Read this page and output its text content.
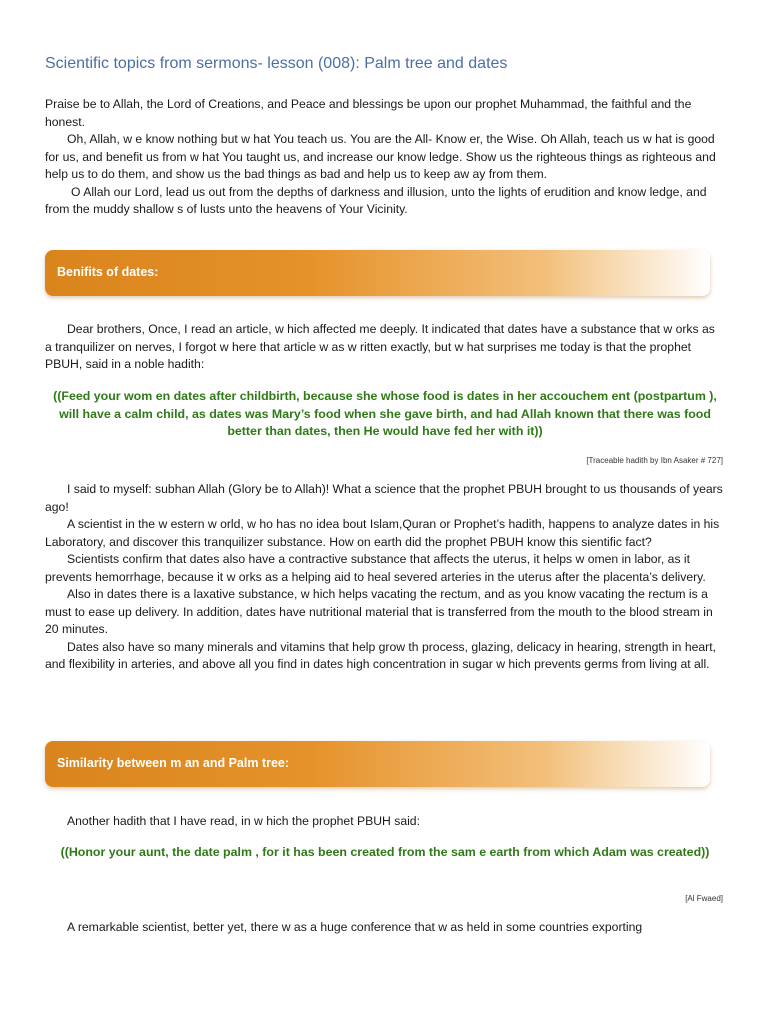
Scientific topics from sermons- lesson (008): Palm tree and dates

Praise be to Allah, the Lord of Creations, and Peace and blessings be upon our prophet Muhammad, the faithful and the honest.

Oh, Allah, w e know nothing but w hat You teach us. You are the All- Know er, the Wise. Oh Allah, teach us w hat is good for us, and benefit us from w hat You taught us, and increase our know ledge. Show us the righteous things as righteous and help us to do them, and show us the bad things as bad and help us to keep aw ay from them.

O Allah our Lord, lead us out from the depths of darkness and illusion, unto the lights of erudition and know ledge, and from the muddy shallow s of lusts unto the heavens of Your Vicinity.

Benifits of dates:

Dear brothers, Once, I read an article, w hich affected me deeply. It indicated that dates have a substance that w orks as a tranquilizer on nerves, I forgot w here that article w as w ritten exactly, but w hat surprises me today is that the prophet PBUH, said in a noble hadith:

((Feed your wom en dates after childbirth, because she whose food is dates in her accouchem ent (postpartum ), will have a calm child, as dates was Mary’s food when she gave birth, and had Allah known that there was food better than dates, then He would have fed her with it))

[Traceable hadith by Ibn Asaker # 727]

I said to myself: subhan Allah (Glory be to Allah)! What a science that the prophet PBUH brought to us thousands of years ago!

A scientist in the w estern w orld, w ho has no idea bout Islam,Quran or Prophet’s hadith, happens to analyze dates in his Laboratory, and discover this tranquilizer substance. How on earth did the prophet PBUH know this sientific fact?

Scientists confirm that dates also have a contractive substance that affects the uterus, it helps w omen in labor, as it prevents hemorrhage, because it w orks as a helping aid to heal severed arteries in the uterus after the placenta’s delivery.

Also in dates there is a laxative substance, w hich helps vacating the rectum, and as you know vacating the rectum is a must to ease up delivery. In addition, dates have nutritional material that is transferred from the mouth to the blood stream in 20 minutes.

Dates also have so many minerals and vitamins that help grow th process, glazing, delicacy in hearing, strength in heart, and flexibility in arteries, and above all you find in dates high concentration in sugar w hich prevents germs from living at all.

Similarity between m an and Palm tree:

Another hadith that I have read, in w hich the prophet PBUH said:

((Honor your aunt, the date palm , for it has been created from the sam e earth from which Adam was created))

[Al Fwaed]

A remarkable scientist, better yet, there w as a huge conference that w as held in some countries exporting
